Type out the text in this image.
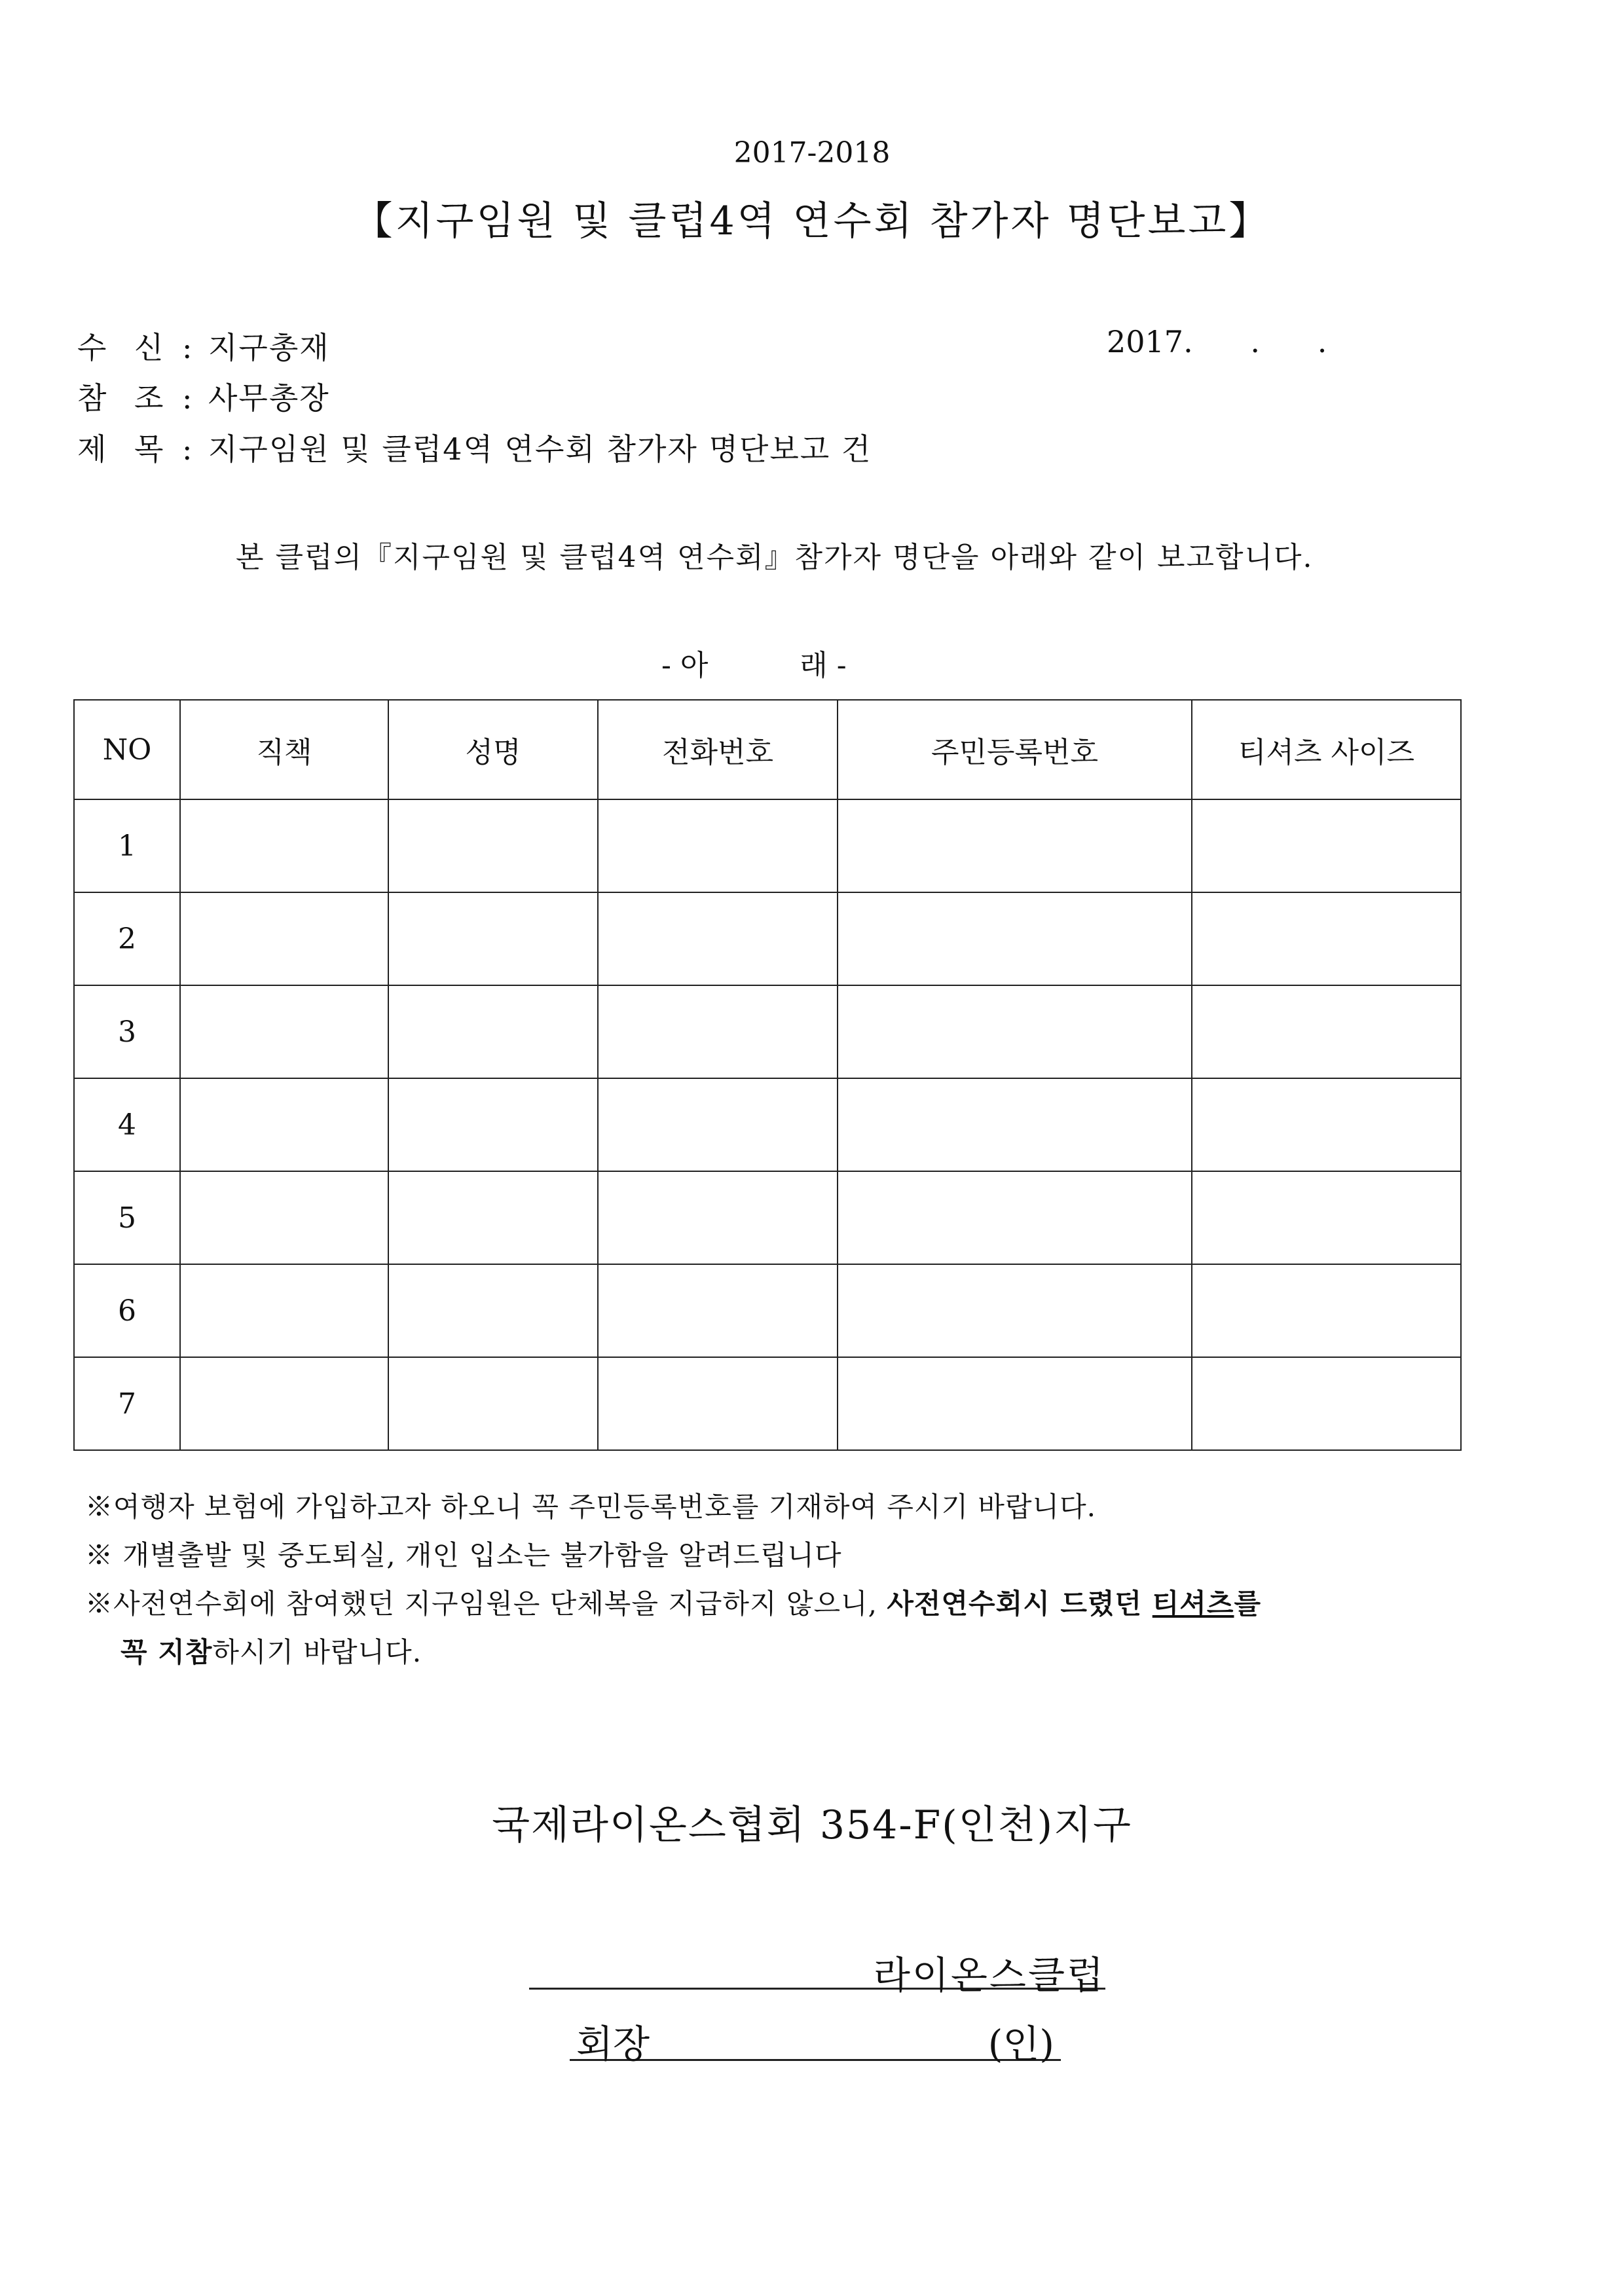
2017-2018
【지구임원 및 클럽4역 연수회 참가자 명단보고】
수 신 : 지구총재	2017.      .      .
참 조 : 사무총장
제 목 : 지구임원 및 클럽4역 연수회 참가자 명단보고 건
본 클럽의『지구임원 및 클럽4역 연수회』참가자 명단을 아래와 같이 보고합니다.
- 아          래 -
NO	직책	성명	전화번호	주민등록번호	티셔츠 사이즈
1					
2					
3					
4					
5					
6					
7					
※여행자 보험에 가입하고자 하오니 꼭 주민등록번호를 기재하여 주시기 바랍니다.
※ 개별출발 및 중도퇴실, 개인 입소는 불가함을 알려드립니다
※사전연수회에 참여했던 지구임원은 단체복을 지급하지 않으니, 사전연수회시 드렸던 티셔츠를
꼭 지참하시기 바랍니다.
국제라이온스협회 354-F(인천)지구
라이온스클럽
회장	(인)
